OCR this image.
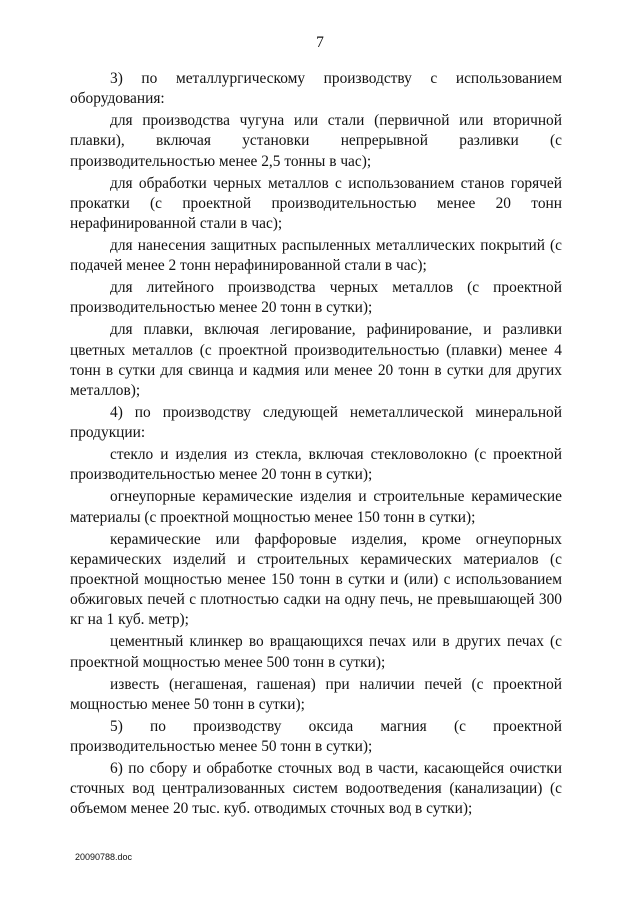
7

3) по металлургическому производству с использованием оборудования:

для производства чугуна или стали (первичной или вторичной плавки), включая установки непрерывной разливки (с производительностью менее 2,5 тонны в час);

для обработки черных металлов с использованием станов горячей прокатки (с проектной производительностью менее 20 тонн нерафинированной стали в час);

для нанесения защитных распыленных металлических покрытий (с подачей менее 2 тонн нерафинированной стали в час);

для литейного производства черных металлов (с проектной производительностью менее 20 тонн в сутки);

для плавки, включая легирование, рафинирование, и разливки цветных металлов (с проектной производительностью (плавки) менее 4 тонн в сутки для свинца и кадмия или менее 20 тонн в сутки для других металлов);

4) по производству следующей неметаллической минеральной продукции:

стекло и изделия из стекла, включая стекловолокно (с проектной производительностью менее 20 тонн в сутки);

огнеупорные керамические изделия и строительные керамические материалы (с проектной мощностью менее 150 тонн в сутки);

керамические или фарфоровые изделия, кроме огнеупорных керамических изделий и строительных керамических материалов (с проектной мощностью менее 150 тонн в сутки и (или) с использованием обжиговых печей с плотностью садки на одну печь, не превышающей 300 кг на 1 куб. метр);

цементный клинкер во вращающихся печах или в других печах (с проектной мощностью менее 500 тонн в сутки);

известь (негашеная, гашеная) при наличии печей (с проектной мощностью менее 50 тонн в сутки);

5) по производству оксида магния (с проектной производительностью менее 50 тонн в сутки);

6) по сбору и обработке сточных вод в части, касающейся очистки сточных вод централизованных систем водоотведения (канализации) (с объемом менее 20 тыс. куб. отводимых сточных вод в сутки);

20090788.doc
